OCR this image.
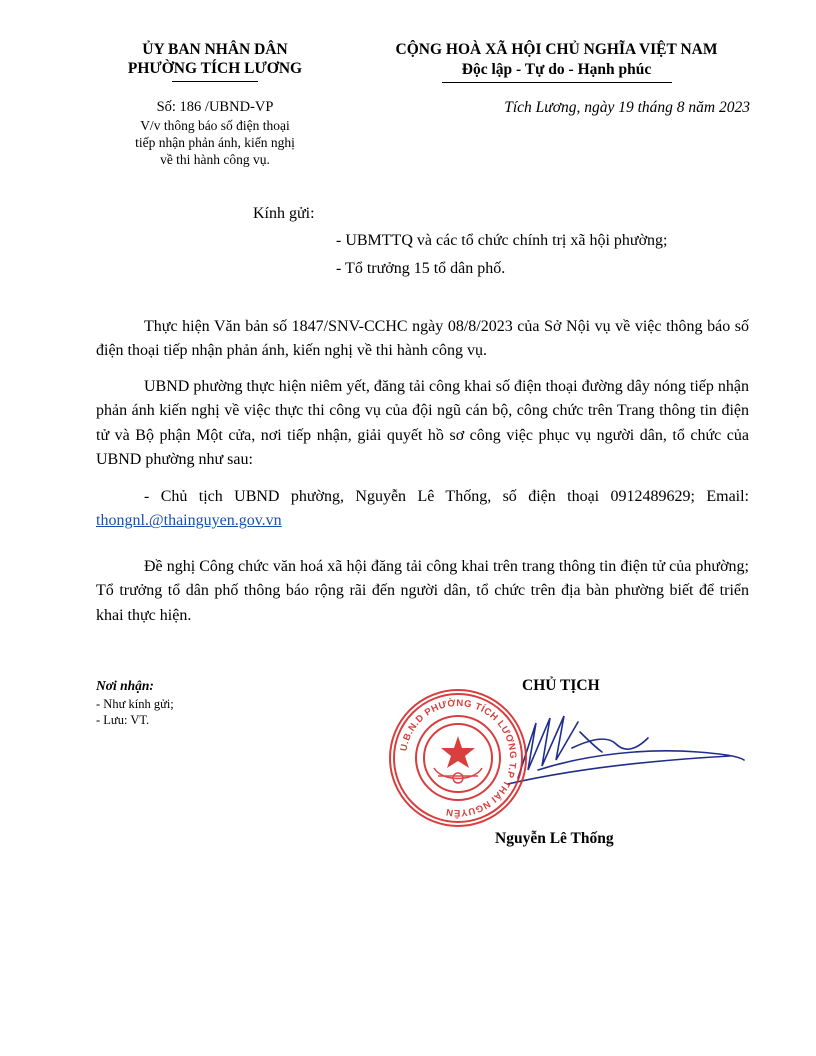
ỦY BAN NHÂN DÂN
PHƯỜNG TÍCH LƯƠNG
Số: 186 /UBND-VP
V/v thông báo số điện thoại
tiếp nhận phản ánh, kiến nghị
về thi hành công vụ.
CỘNG HOÀ XÃ HỘI CHỦ NGHĨA VIỆT NAM
Độc lập - Tự do - Hạnh phúc
Tích Lương, ngày 19 tháng 8 năm 2023
Kính gửi:
- UBMTTQ và các tổ chức chính trị xã hội phường;
- Tổ trưởng 15 tổ dân phố.
Thực hiện Văn bản số 1847/SNV-CCHC ngày 08/8/2023 của Sở Nội vụ về việc thông báo số điện thoại tiếp nhận phản ánh, kiến nghị về thi hành công vụ.
UBND phường thực hiện niêm yết, đăng tải công khai số điện thoại đường dây nóng tiếp nhận phản ánh kiến nghị về việc thực thi công vụ của đội ngũ cán bộ, công chức trên Trang thông tin điện tử và Bộ phận Một cửa, nơi tiếp nhận, giải quyết hồ sơ công việc phục vụ người dân, tổ chức của UBND phường như sau:
- Chủ tịch UBND phường, Nguyễn Lê Thống, số điện thoại 0912489629; Email: thongnl.@thainguyen.gov.vn
Đề nghị Công chức văn hoá xã hội đăng tải công khai trên trang thông tin điện tử của phường; Tổ trưởng tổ dân phố thông báo rộng rãi đến người dân, tổ chức trên địa bàn phường biết để triển khai thực hiện.
Nơi nhận:
- Như kính gửi;
- Lưu: VT.
CHỦ TỊCH
U.B.N.D PHƯỜNG TÍCH LƯƠNG T.P THÁI NGUYÊN
Nguyễn Lê Thống
